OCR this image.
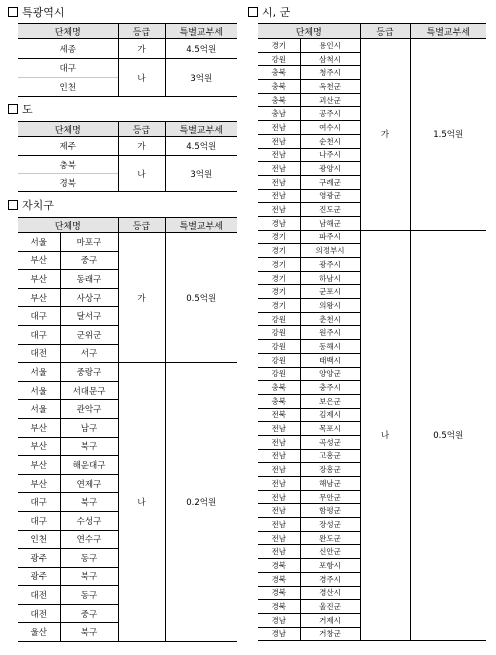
특광역시
단체명	등급	특별교부세
세종	가	4.5억원
대구	나	3억원
인천		
도
단체명	등급	특별교부세
제주	가	4.5억원
충북	나	3억원
경북		
자치구
단체명		등급	특별교부세
서울	마포구	가	0.5억원
부산	중구		
부산	동래구		
부산	사상구		
대구	달서구		
대구	군위군		
대전	서구		
서울	중랑구	나	0.2억원
서울	서대문구		
서울	관악구		
부산	남구		
부산	북구		
부산	해운대구		
부산	연제구		
대구	북구		
대구	수성구		
인천	연수구		
광주	동구		
광주	북구		
대전	동구		
대전	중구		
울산	북구		
시, 군
단체명		등급	특별교부세
경기	용인시	가	1.5억원
강원	삼척시		
충북	청주시		
충북	옥천군		
충북	괴산군		
충남	공주시		
전남	여수시		
전남	순천시		
전남	나주시		
전남	광양시		
전남	구례군		
전남	영광군		
전남	진도군		
경남	남해군		
경기	파주시	나	0.5억원
경기	의정부시		
경기	광주시		
경기	하남시		
경기	군포시		
경기	의왕시		
강원	춘천시		
강원	원주시		
강원	동해시		
강원	태백시		
강원	양양군		
충북	충주시		
충북	보은군		
전북	김제시		
전남	목포시		
전남	곡성군		
전남	고흥군		
전남	장흥군		
전남	해남군		
전남	무안군		
전남	함평군		
전남	장성군		
전남	완도군		
전남	신안군		
경북	포항시		
경북	경주시		
경북	경산시		
경북	울진군		
경남	거제시		
경남	거창군		
